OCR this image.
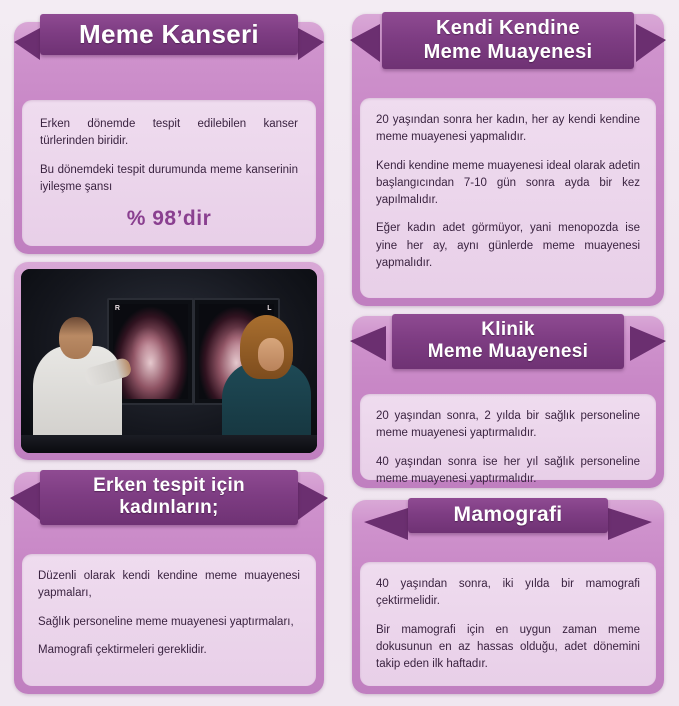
Meme Kanseri

Erken dönemde tespit edilebilen kanser türlerinden biridir.

Bu dönemdeki tespit durumunda meme kanserinin iyileşme şansı

% 98’dir
Kendi Kendine
Meme Muayenesi

20 yaşından sonra her kadın, her ay kendi kendine meme muayenesi yapmalıdır.

Kendi kendine meme muayenesi ideal olarak adetin başlangıcından 7-10 gün sonra ayda bir kez yapılmalıdır.

Eğer kadın adet görmüyor, yani menopozda ise yine her ay, aynı günlerde meme muayenesi yapmalıdır.

Klinik
Meme Muayenesi

20 yaşından sonra, 2 yılda bir sağlık personeline meme muayenesi yaptırmalıdır.

40 yaşından sonra ise her yıl sağlık personeline meme muayenesi yaptırmalıdır.

Erken tespit için
kadınların;

Düzenli olarak kendi kendine meme muayenesi yapmaları,

Sağlık personeline meme muayenesi yaptırmaları,

Mamografi çektirmeleri gereklidir.

Mamografi

40 yaşından sonra, iki yılda bir mamografi çektirmelidir.

Bir mamografi için en uygun zaman meme dokusunun en az hassas olduğu, adet dönemini takip eden ilk haftadır.

R	L
